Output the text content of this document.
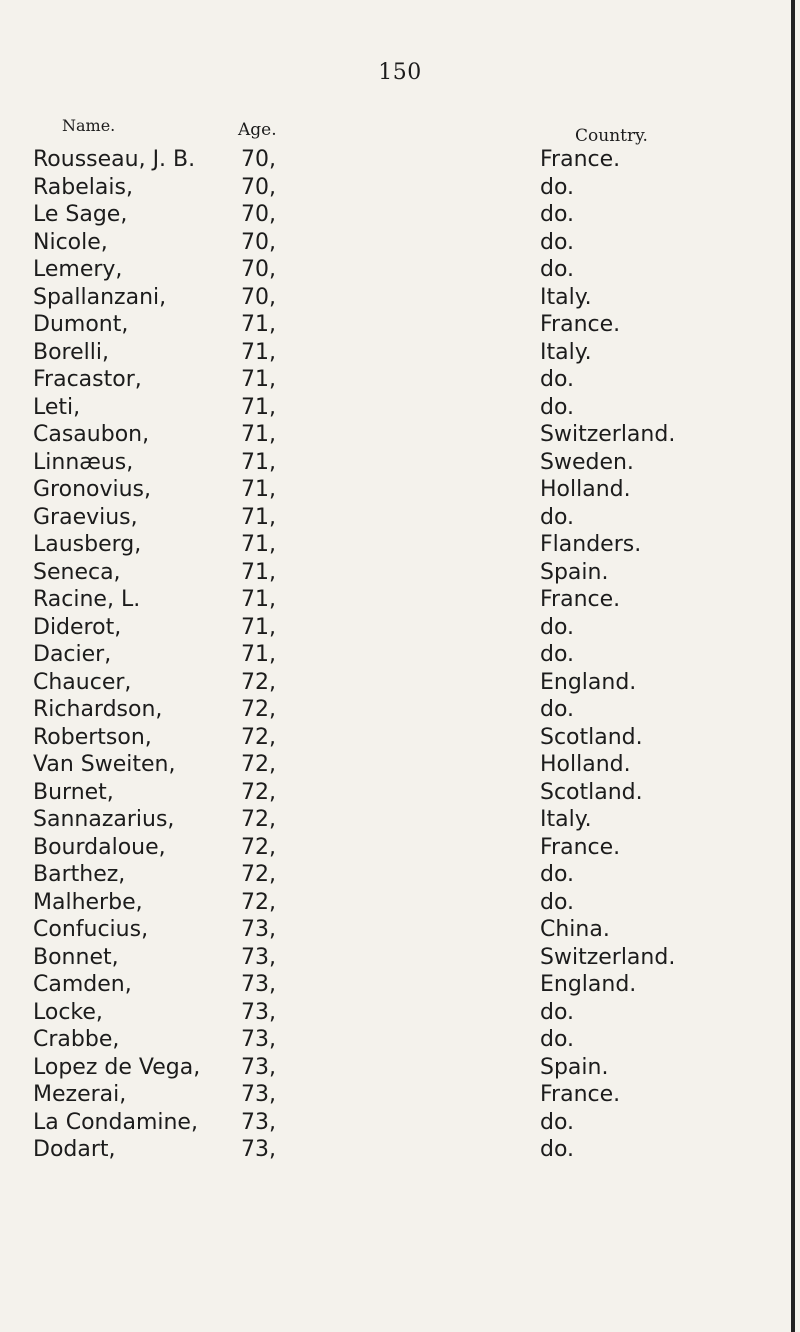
150
Name.	Age.	Country.
Rousseau, J. B. 70,	France.
Rabelais,	70,	do.
Le Sage,	70,	do.
Nicole,	70,	do.
Lemery,	70,	do.
Spallanzani,	70,	Italy.
Dumont,	71,	France.
Borelli,	71,	Italy.
Fracastor,	71,	do.
Leti,	71,	do.
Casaubon,	71,	Switzerland.
Linnæus,	71,	Sweden.
Gronovius,	71,	Holland.
Graevius,	71,	do.
Lausberg,	71,	Flanders.
Seneca,	71,	Spain.
Racine, L.	71,	France.
Diderot,	71,	do.
Dacier,	71,	do.
Chaucer,	72,	England.
Richardson,	72,	do.
Robertson,	72,	Scotland.
Van Sweiten,	72,	Holland.
Burnet,	72,	Scotland.
Sannazarius,	72,	Italy.
Bourdaloue,	72,	France.
Barthez,	72,	do.
Malherbe,	72,	do.
Confucius,	73,	China.
Bonnet,	73,	Switzerland.
Camden,	73,	England.
Locke,	73,	do.
Crabbe,	73,	do.
Lopez de Vega, 73,	Spain.
Mezerai,	73,	France.
La Condamine, 73,	do.
Dodart,	73,	do.
